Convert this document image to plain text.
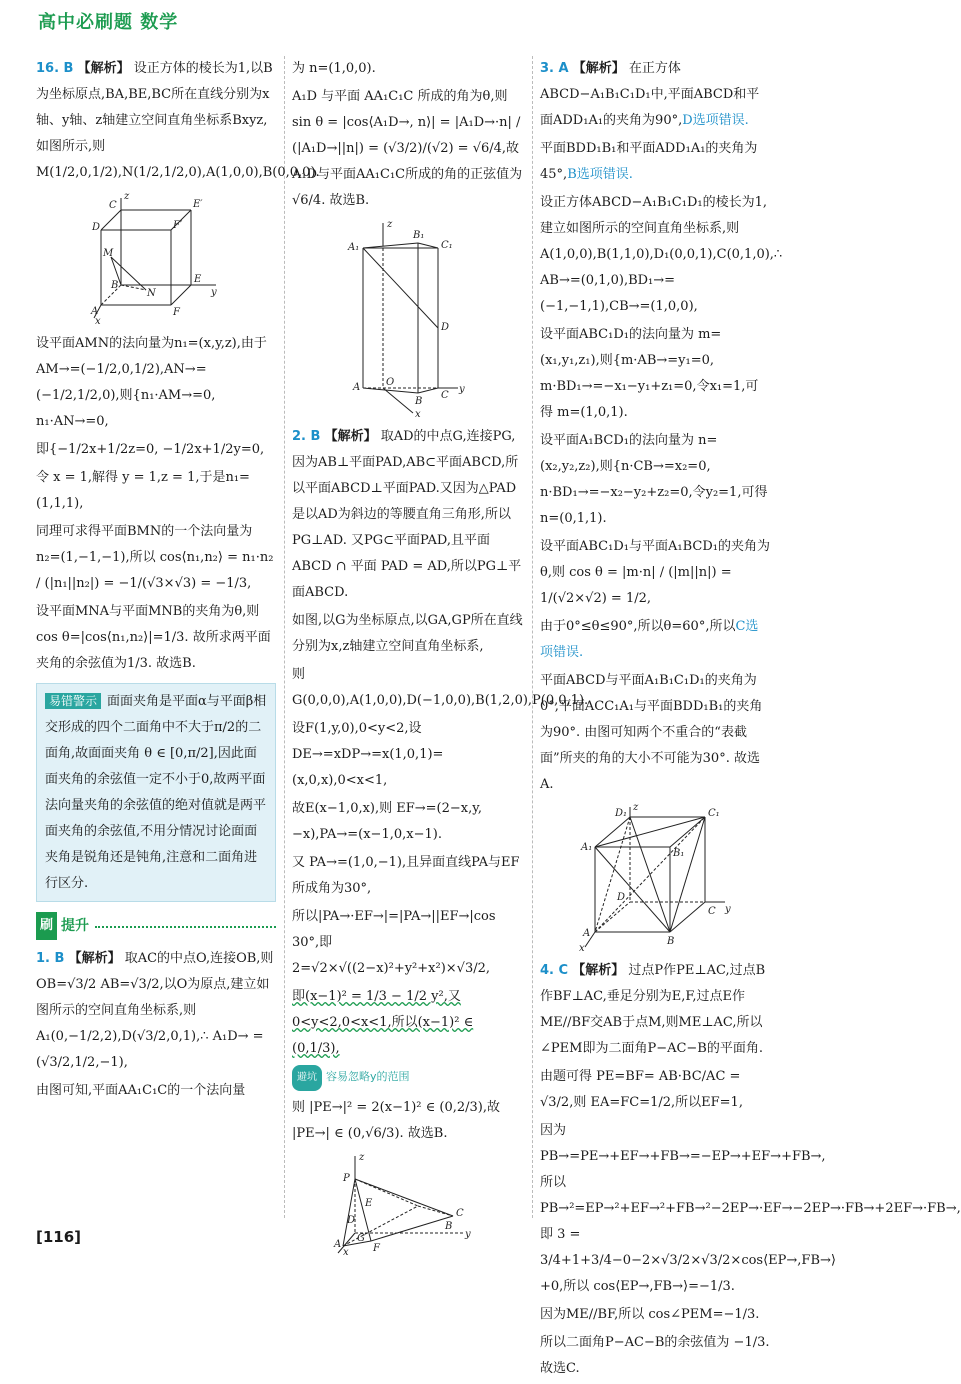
高中必刷题 数学

16. B 【解析】 设正方体的棱长为1,以B为坐标原点,BA,BE,BC所在直线分别为x轴、y轴、z轴建立空间直角坐标系Bxyz,如图所示,则M(1/2,0,1/2),N(1/2,1/2,0),A(1,0,0),B(0,0,0).

C	E′
z
F′
D
M
B
N
E
y
A	F
x

设平面AMN的法向量为n₁=(x,y,z),由于 AM→=(−1/2,0,1/2),AN→=(−1/2,1/2,0),则{n₁·AM→=0, n₁·AN→=0,

即{−1/2x+1/2z=0, −1/2x+1/2y=0,

令 x = 1,解得 y = 1,z = 1,于是n₁=(1,1,1),

同理可求得平面BMN的一个法向量为 n₂=(1,−1,−1),所以 cos⟨n₁,n₂⟩ = n₁·n₂ / (|n₁||n₂|) = −1/(√3×√3) = −1/3,

设平面MNA与平面MNB的夹角为θ,则 cos θ=|cos⟨n₁,n₂⟩|=1/3. 故所求两平面夹角的余弦值为1/3. 故选B.

易错警示 面面夹角是平面α与平面β相交形成的四个二面角中不大于π/2的二面角,故面面夹角 θ ∈ [0,π/2],因此面面夹角的余弦值一定不小于0,故两平面法向量夹角的余弦值的绝对值就是两平面夹角的余弦值,不用分情况讨论面面夹角是锐角还是钝角,注意和二面角进行区分.
刷 提升

1. B 【解析】 取AC的中点O,连接OB,则 OB=√3/2 AB=√3/2,以O为原点,建立如图所示的空间直角坐标系,则 A₁(0,−1/2,2),D(√3/2,0,1),∴ A₁D→ = (√3/2,1/2,−1),

由图可知,平面AA₁C₁C的一个法向量

为 n=(1,0,0).

A₁D 与平面 AA₁C₁C 所成的角为θ,则 sin θ = |cos⟨A₁D→, n⟩| = |A₁D→·n| / (|A₁D→||n|) = (√3/2)/(√2) = √6/4,故A₁D与平面AA₁C₁C所成的角的正弦值为√6/4. 故选B.

z
A₁	C₁
B₁
D
A	O
C
y
B
x

2. B 【解析】 取AD的中点G,连接PG,因为AB⊥平面PAD,AB⊂平面ABCD,所以平面ABCD⊥平面PAD.又因为△PAD是以AD为斜边的等腰直角三角形,所以PG⊥AD. 又PG⊂平面PAD,且平面 ABCD ∩ 平面 PAD = AD,所以PG⊥平面ABCD.

如图,以G为坐标原点,以GA,GP所在直线分别为x,z轴建立空间直角坐标系,

则 G(0,0,0),A(1,0,0),D(−1,0,0),B(1,2,0),P(0,0,1).

设F(1,y,0),0<y<2,设 DE→=xDP→=x(1,0,1)=(x,0,x),0<x<1,

故E(x−1,0,x),则 EF→=(2−x,y,−x),PA→=(x−1,0,x−1).

又 PA→=(1,0,−1),且异面直线PA与EF所成角为30°,

所以|PA→·EF→|=|PA→||EF→|cos 30°,即 2=√2×√((2−x)²+y²+x²)×√3/2,

即(x−1)² = 1/3 − 1/2 y²,又0<y<2,0<x<1,所以(x−1)² ∈ (0,1/3),

避坑 容易忽略y的范围

则 |PE→|² = 2(x−1)² ∈ (0,2/3),故 |PE→| ∈ (0,√6/3). 故选B.

z
P
E
C
D
G
B
A	F
x
y

3. A 【解析】 在正方体ABCD−A₁B₁C₁D₁中,平面ABCD和平面ADD₁A₁的夹角为90°,D选项错误.

平面BDD₁B₁和平面ADD₁A₁的夹角为45°,B选项错误.

设正方体ABCD−A₁B₁C₁D₁的棱长为1,建立如图所示的空间直角坐标系,则A(1,0,0),B(1,1,0),D₁(0,0,1),C(0,1,0),∴ AB→=(0,1,0),BD₁→=(−1,−1,1),CB→=(1,0,0),

设平面ABC₁D₁的法向量为 m=(x₁,y₁,z₁),则{m·AB→=y₁=0, m·BD₁→=−x₁−y₁+z₁=0,令x₁=1,可得 m=(1,0,1).

设平面A₁BCD₁的法向量为 n=(x₂,y₂,z₂),则{n·CB→=x₂=0, n·BD₁→=−x₂−y₂+z₂=0,令y₂=1,可得 n=(0,1,1).

设平面ABC₁D₁与平面A₁BCD₁的夹角为θ,则 cos θ = |m·n| / (|m||n|) = 1/(√2×√2) = 1/2,

由于0°≤θ≤90°,所以θ=60°,所以C选项错误.

平面ABCD与平面A₁B₁C₁D₁的夹角为0°,平面ACC₁A₁与平面BDD₁B₁的夹角为90°. 由图可知两个不重合的“表截面”所夹的角的大小不可能为30°. 故选A.

z
D₁	C₁
A₁
B₁
D
C y
A
B
x

4. C 【解析】 过点P作PE⊥AC,过点B作BF⊥AC,垂足分别为E,F,过点E作ME//BF交AB于点M,则ME⊥AC,所以∠PEM即为二面角P−AC−B的平面角.

由题可得 PE=BF= AB·BC/AC = √3/2,则 EA=FC=1/2,所以EF=1,

因为 PB→=PE→+EF→+FB→=−EP→+EF→+FB→,所以 PB→²=EP→²+EF→²+FB→²−2EP→·EF→−2EP→·FB→+2EF→·FB→,即 3 = 3/4+1+3/4−0−2×√3/2×√3/2×cos⟨EP→,FB→⟩+0,所以 cos⟨EP→,FB→⟩=−1/3.

因为ME//BF,所以 cos∠PEM=−1/3.

所以二面角P−AC−B的余弦值为 −1/3. 故选C.

[116]
